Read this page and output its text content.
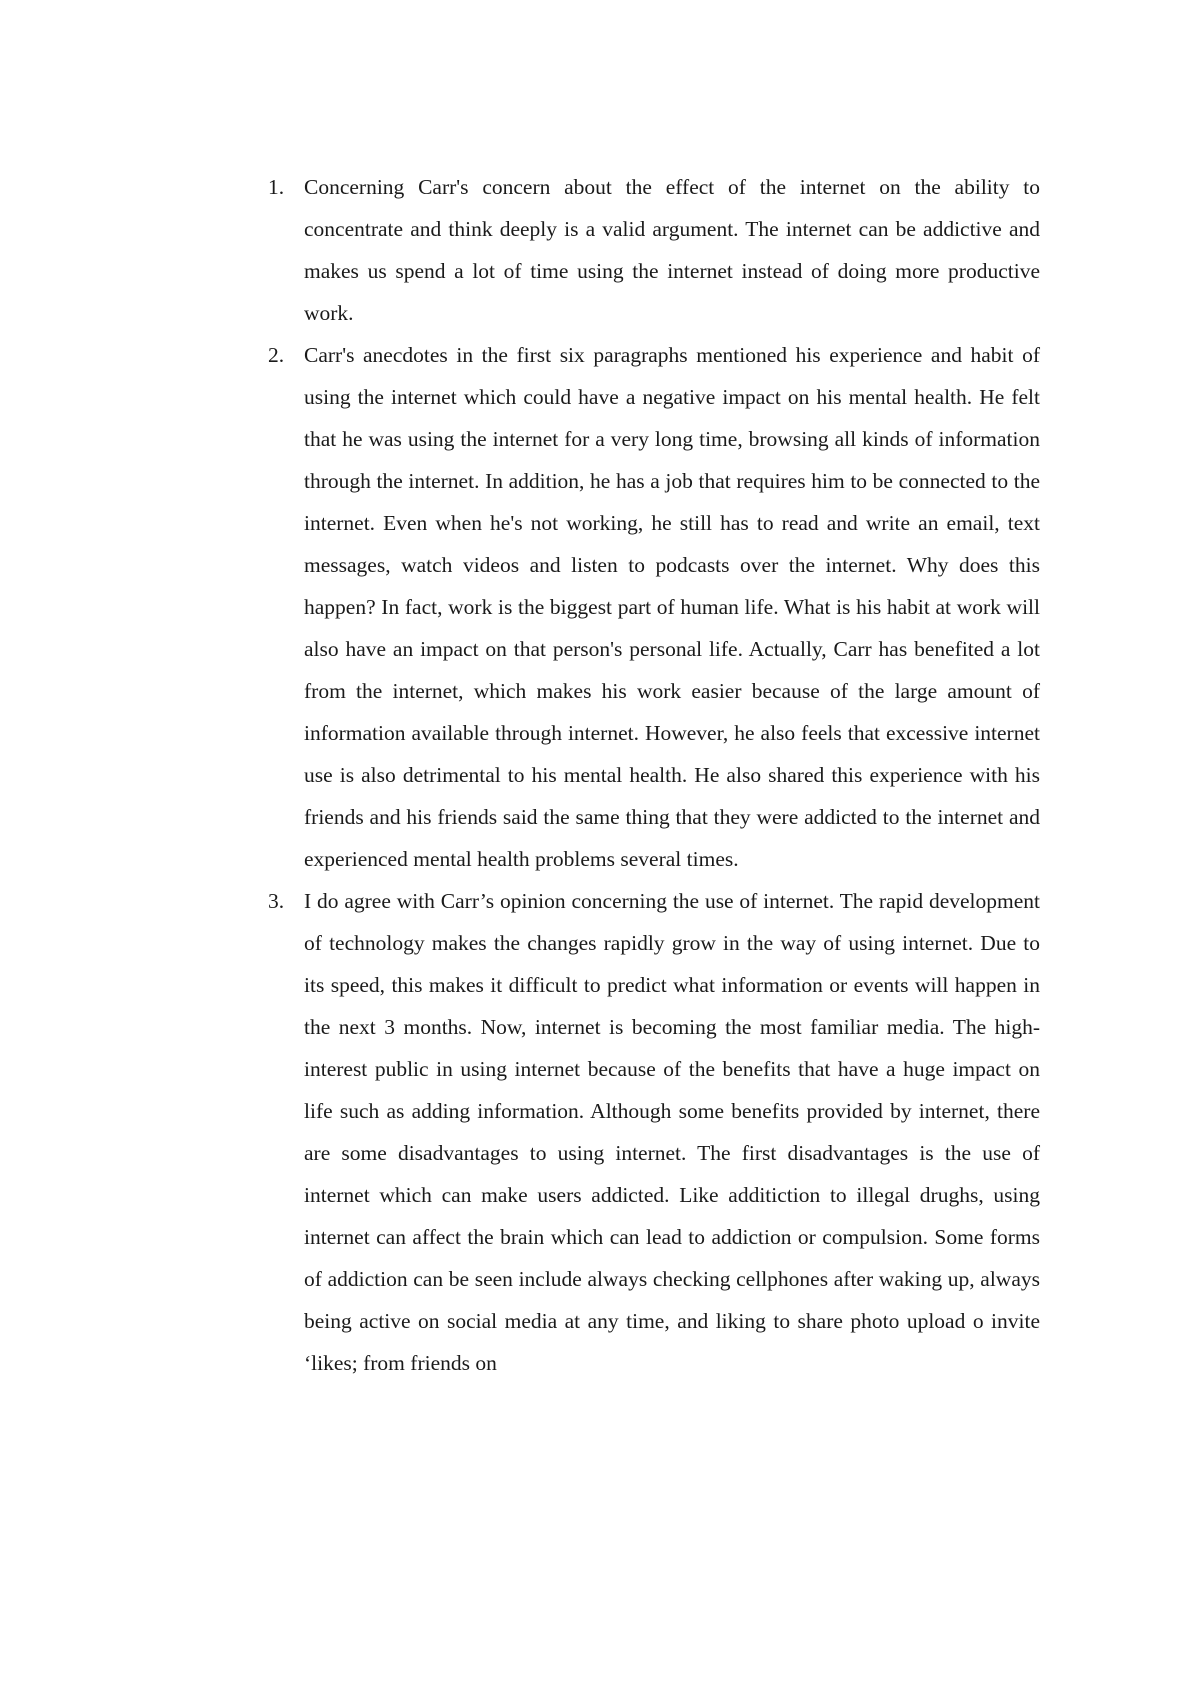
1. Concerning Carr's concern about the effect of the internet on the ability to concentrate and think deeply is a valid argument. The internet can be addictive and makes us spend a lot of time using the internet instead of doing more productive work.
2. Carr's anecdotes in the first six paragraphs mentioned his experience and habit of using the internet which could have a negative impact on his mental health. He felt that he was using the internet for a very long time, browsing all kinds of information through the internet. In addition, he has a job that requires him to be connected to the internet. Even when he's not working, he still has to read and write an email, text messages, watch videos and listen to podcasts over the internet. Why does this happen? In fact, work is the biggest part of human life. What is his habit at work will also have an impact on that person's personal life. Actually, Carr has benefited a lot from the internet, which makes his work easier because of the large amount of information available through internet. However, he also feels that excessive internet use is also detrimental to his mental health. He also shared this experience with his friends and his friends said the same thing that they were addicted to the internet and experienced mental health problems several times.
3. I do agree with Carr’s opinion concerning the use of internet. The rapid development of technology makes the changes rapidly grow in the way of using internet. Due to its speed, this makes it difficult to predict what information or events will happen in the next 3 months. Now, internet is becoming the most familiar media. The high-interest public in using internet because of the benefits that have a huge impact on life such as adding information. Although some benefits provided by internet, there are some disadvantages to using internet. The first disadvantages is the use of internet which can make users addicted. Like additiction to illegal drughs, using internet can affect the brain which can lead to addiction or compulsion. Some forms of addiction can be seen include always checking cellphones after waking up, always being active on social media at any time, and liking to share photo upload o invite ‘likes; from friends on
